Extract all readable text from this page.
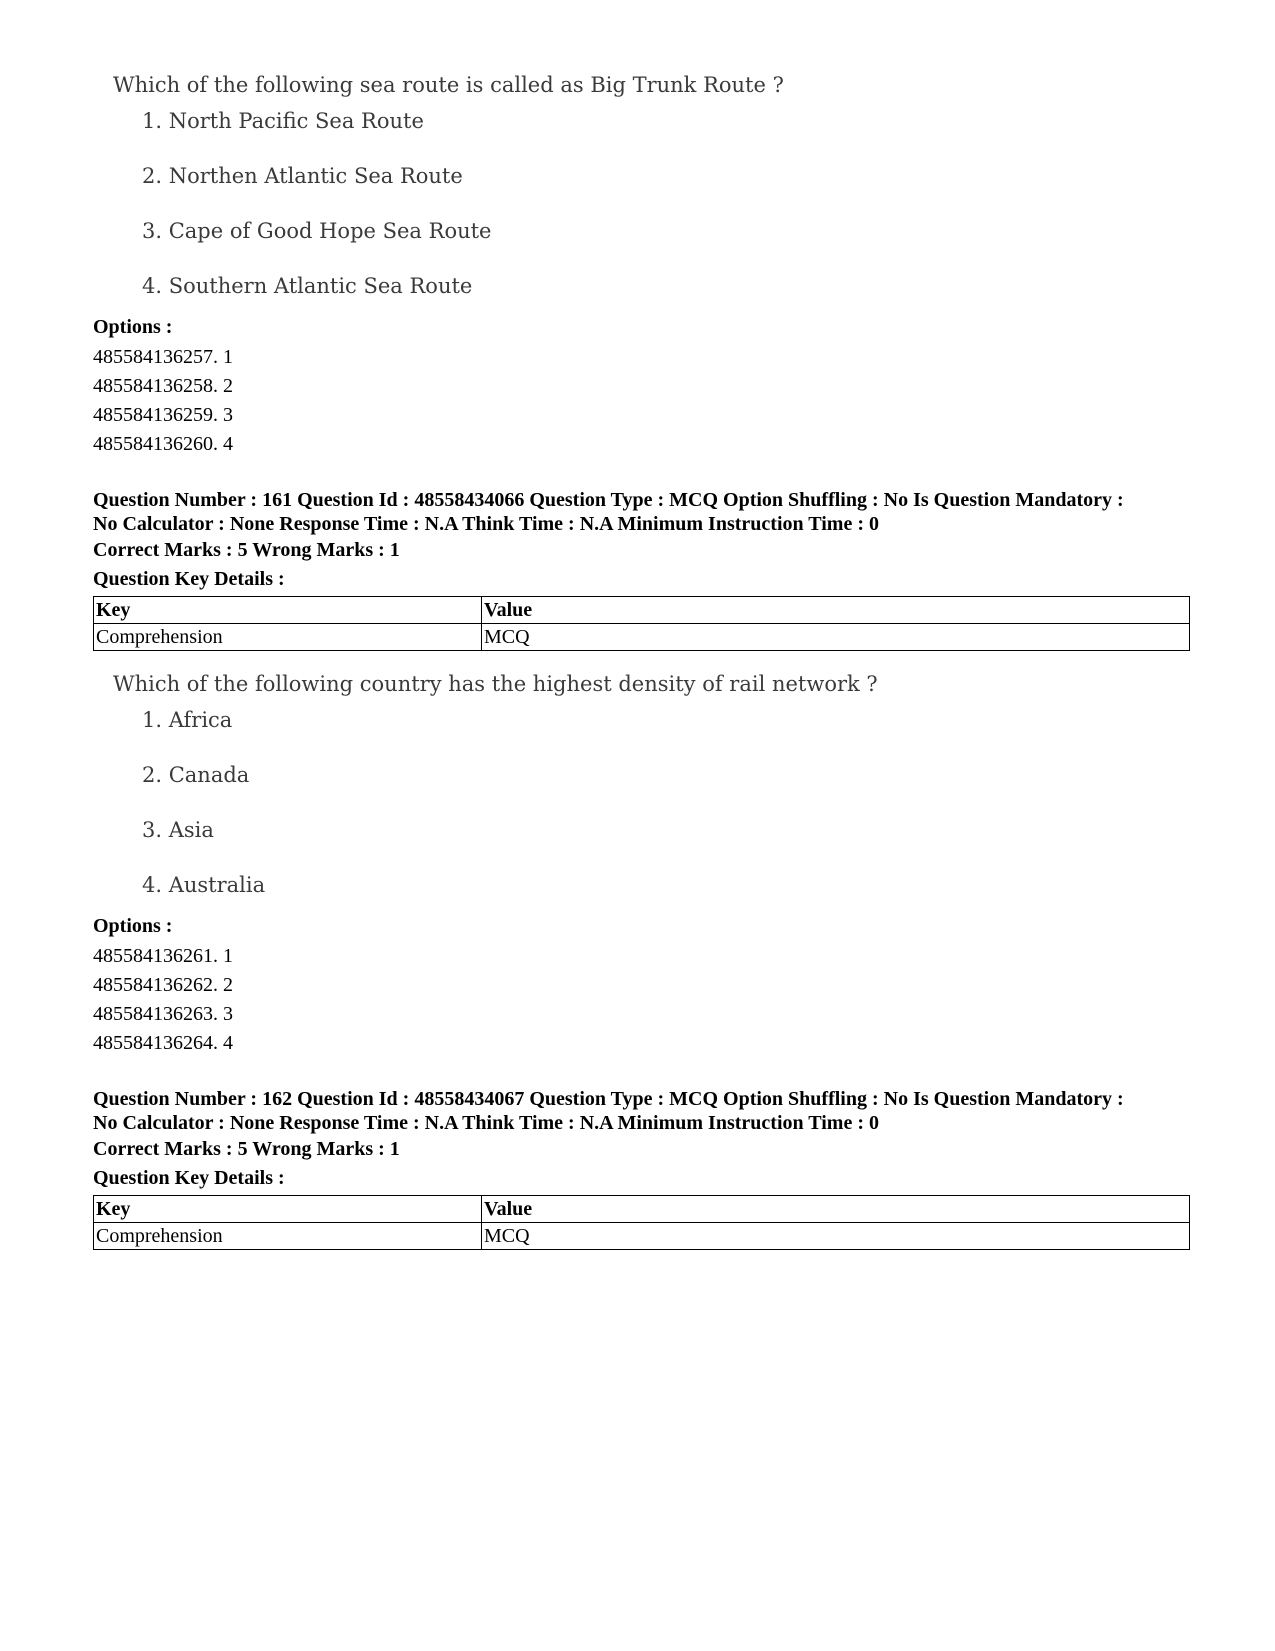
Which of the following sea route is called as Big Trunk Route ?
1. North Pacific Sea Route
2. Northen Atlantic Sea Route
3. Cape of Good Hope Sea Route
4. Southern Atlantic Sea Route
Options :
485584136257. 1
485584136258. 2
485584136259. 3
485584136260. 4
Question Number : 161 Question Id : 48558434066 Question Type : MCQ Option Shuffling : No Is Question Mandatory :
No Calculator : None Response Time : N.A Think Time : N.A Minimum Instruction Time : 0
Correct Marks : 5 Wrong Marks : 1
Question Key Details :
Key	Value
Comprehension	MCQ
Which of the following country has the highest density of rail network ?
1. Africa
2. Canada
3. Asia
4. Australia
Options :
485584136261. 1
485584136262. 2
485584136263. 3
485584136264. 4
Question Number : 162 Question Id : 48558434067 Question Type : MCQ Option Shuffling : No Is Question Mandatory :
No Calculator : None Response Time : N.A Think Time : N.A Minimum Instruction Time : 0
Correct Marks : 5 Wrong Marks : 1
Question Key Details :
Key	Value
Comprehension	MCQ
